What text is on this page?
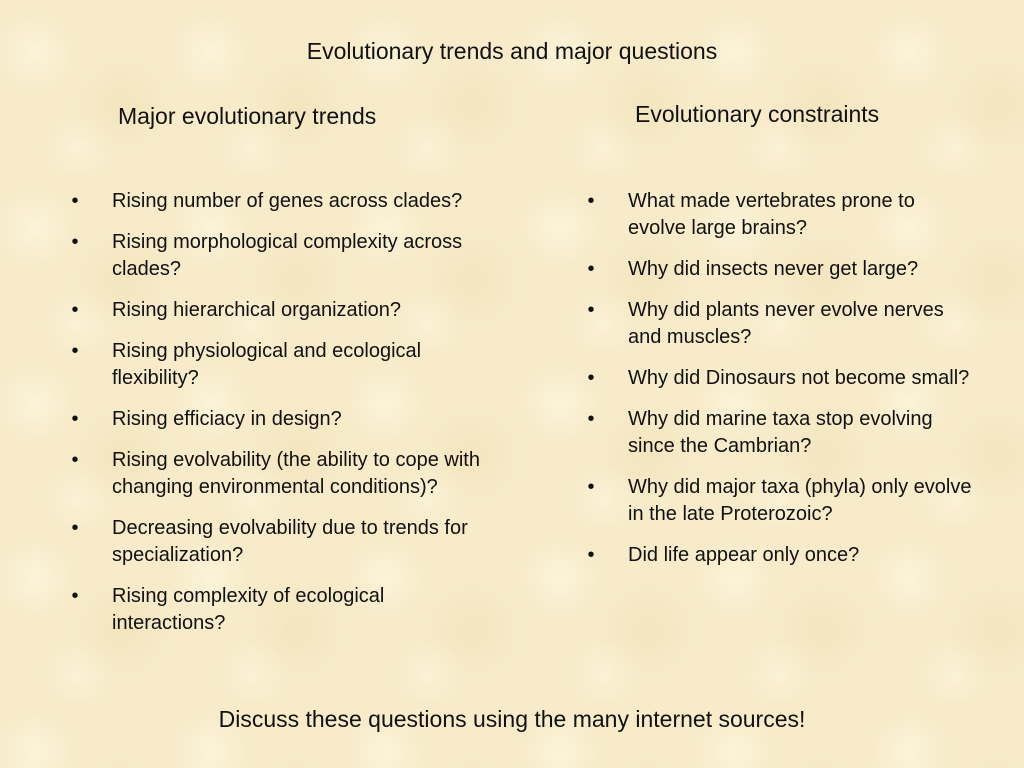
Evolutionary trends and major questions
Major evolutionary trends	Evolutionary constraints
• Rising number of genes across clades?
• Rising morphological complexity across clades?
• Rising hierarchical organization?
• Rising physiological and ecological flexibility?
• Rising efficiacy in design?
• Rising evolvability (the ability to cope with changing environmental conditions)?
• Decreasing evolvability due to trends for specialization?
• Rising complexity of ecological interactions?
• What made vertebrates prone to evolve large brains?
• Why did insects never get large?
• Why did plants never evolve nerves and muscles?
• Why did Dinosaurs not become small?
• Why did marine taxa stop evolving since the Cambrian?
• Why did major taxa (phyla) only evolve in the late Proterozoic?
• Did life appear only once?
Discuss these questions using the many internet sources!
